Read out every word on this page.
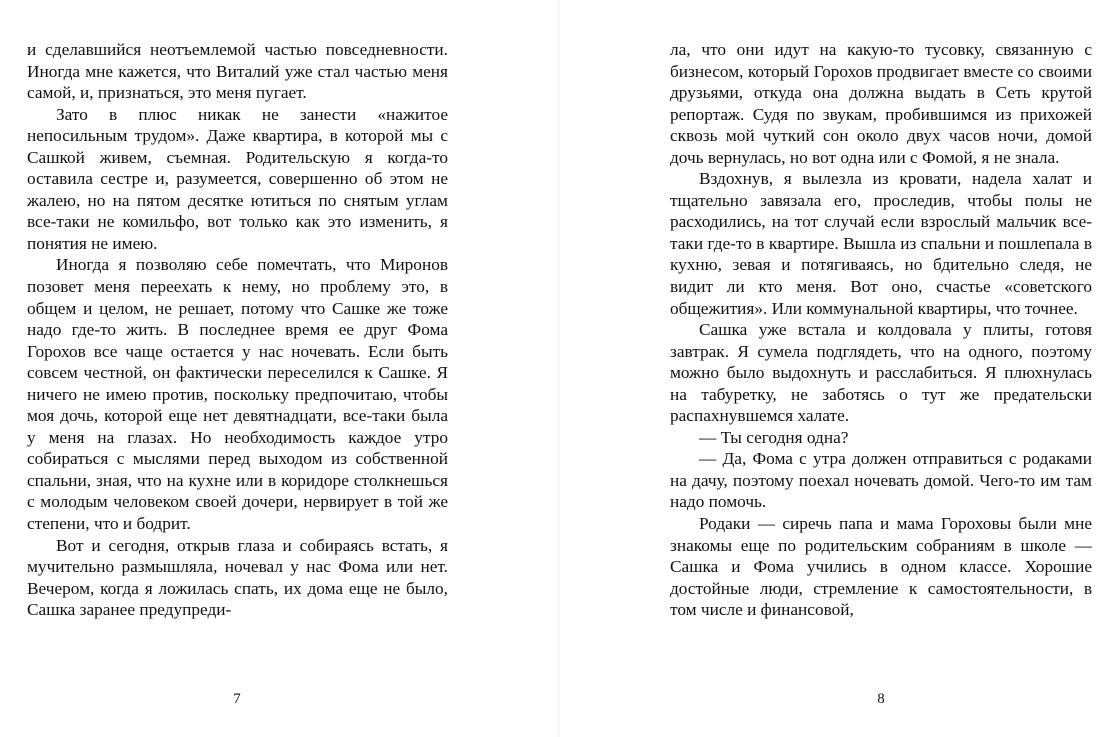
и сделавшийся неотъемлемой частью повседневности. Иногда мне кажется, что Виталий уже стал частью меня самой, и, признаться, это меня пугает.

Зато в плюс никак не занести «нажитое непосильным трудом». Даже квартира, в которой мы с Сашкой живем, съемная. Родительскую я когда-то оставила сестре и, разумеется, совершенно об этом не жалею, но на пятом десятке ютиться по снятым углам все-таки не комильфо, вот только как это изменить, я понятия не имею.

Иногда я позволяю себе помечтать, что Миронов позовет меня переехать к нему, но проблему это, в общем и целом, не решает, потому что Сашке же тоже надо где-то жить. В последнее время ее друг Фома Горохов все чаще остается у нас ночевать. Если быть совсем честной, он фактически переселился к Сашке. Я ничего не имею против, поскольку предпочитаю, чтобы моя дочь, которой еще нет девятнадцати, все-таки была у меня на глазах. Но необходимость каждое утро собираться с мыслями перед выходом из собственной спальни, зная, что на кухне или в коридоре столкнешься с молодым человеком своей дочери, нервирует в той же степени, что и бодрит.

Вот и сегодня, открыв глаза и собираясь встать, я мучительно размышляла, ночевал у нас Фома или нет. Вечером, когда я ложилась спать, их дома еще не было, Сашка заранее предупреди-

7

ла, что они идут на какую-то тусовку, связанную с бизнесом, который Горохов продвигает вместе со своими друзьями, откуда она должна выдать в Сеть крутой репортаж. Судя по звукам, пробившимся из прихожей сквозь мой чуткий сон около двух часов ночи, домой дочь вернулась, но вот одна или с Фомой, я не знала.

Вздохнув, я вылезла из кровати, надела халат и тщательно завязала его, проследив, чтобы полы не расходились, на тот случай если взрослый мальчик все-таки где-то в квартире. Вышла из спальни и пошлепала в кухню, зевая и потягиваясь, но бдительно следя, не видит ли кто меня. Вот оно, счастье «советского общежития». Или коммунальной квартиры, что точнее.

Сашка уже встала и колдовала у плиты, готовя завтрак. Я сумела подглядеть, что на одного, поэтому можно было выдохнуть и расслабиться. Я плюхнулась на табуретку, не заботясь о тут же предательски распахнувшемся халате.

— Ты сегодня одна?

— Да, Фома с утра должен отправиться с родаками на дачу, поэтому поехал ночевать домой. Чего-то им там надо помочь.

Родаки — сиречь папа и мама Гороховы были мне знакомы еще по родительским собраниям в школе — Сашка и Фома учились в одном классе. Хорошие достойные люди, стремление к самостоятельности, в том числе и финансовой,

8
